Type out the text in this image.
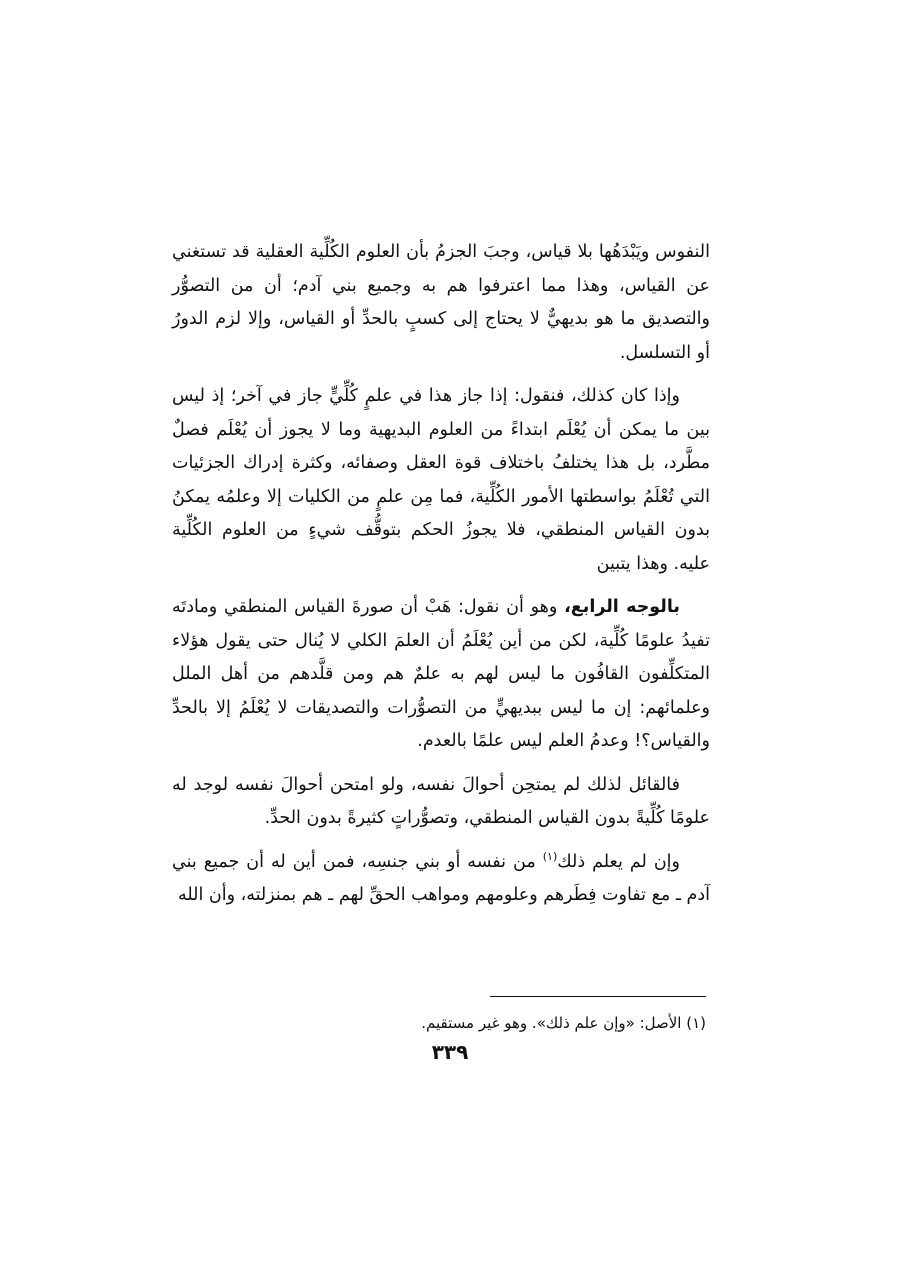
النفوس ويَبْدَهُها بلا قياس، وجبَ الجزمُ بأن العلوم الكُلِّية العقلية قد تستغني عن القياس، وهذا مما اعترفوا هم به وجميع بني آدم؛ أن من التصوُّر والتصديق ما هو بديهيٌّ لا يحتاج إلى كسبٍ بالحدِّ أو القياس، وإلا لزم الدورُ أو التسلسل.

وإذا كان كذلك، فنقول: إذا جاز هذا في علمٍ كُلِّيٍّ جاز في آخر؛ إذ ليس بين ما يمكن أن يُعْلَم ابتداءً من العلوم البديهية وما لا يجوز أن يُعْلَم فصلٌ مطَّرد، بل هذا يختلفُ باختلاف قوة العقل وصفائه، وكثرة إدراك الجزئيات التي تُعْلَمُ بواسطتها الأمور الكُلِّية، فما مِن علمٍ من الكليات إلا وعلمُه يمكنُ بدون القياس المنطقي، فلا يجوزُ الحكم بتوقُّف شيءٍ من العلوم الكُلِّية عليه. وهذا يتبين

بالوجه الرابع، وهو أن نقول: هَبْ أن صورةَ القياس المنطقي ومادتَه تفيدُ علومًا كُلِّية، لكن من أين يُعْلَمُ أن العلمَ الكلي لا يُنال حتى يقول هؤلاء المتكلِّفون القافُون ما ليس لهم به علمٌ هم ومن قلَّدهم من أهل الملل وعلمائهم: إن ما ليس ببديهيٍّ من التصوُّرات والتصديقات لا يُعْلَمُ إلا بالحدِّ والقياس؟! وعدمُ العلم ليس علمًا بالعدم.

فالقائل لذلك لم يمتحِن أحوالَ نفسه، ولو امتحن أحوالَ نفسه لوجد له علومًا كُلِّيةً بدون القياس المنطقي، وتصوُّراتٍ كثيرةً بدون الحدِّ.

وإن لم يعلم ذلك$^{(١)}$ من نفسه أو بني جنسِه، فمن أين له أن جميع بني آدم ـ مع تفاوت فِطَرهم وعلومهم ومواهب الحقِّ لهم ـ هم بمنزلته، وأن الله

(١) الأصل: «وإن علم ذلك». وهو غير مستقيم.
٣٣٩
